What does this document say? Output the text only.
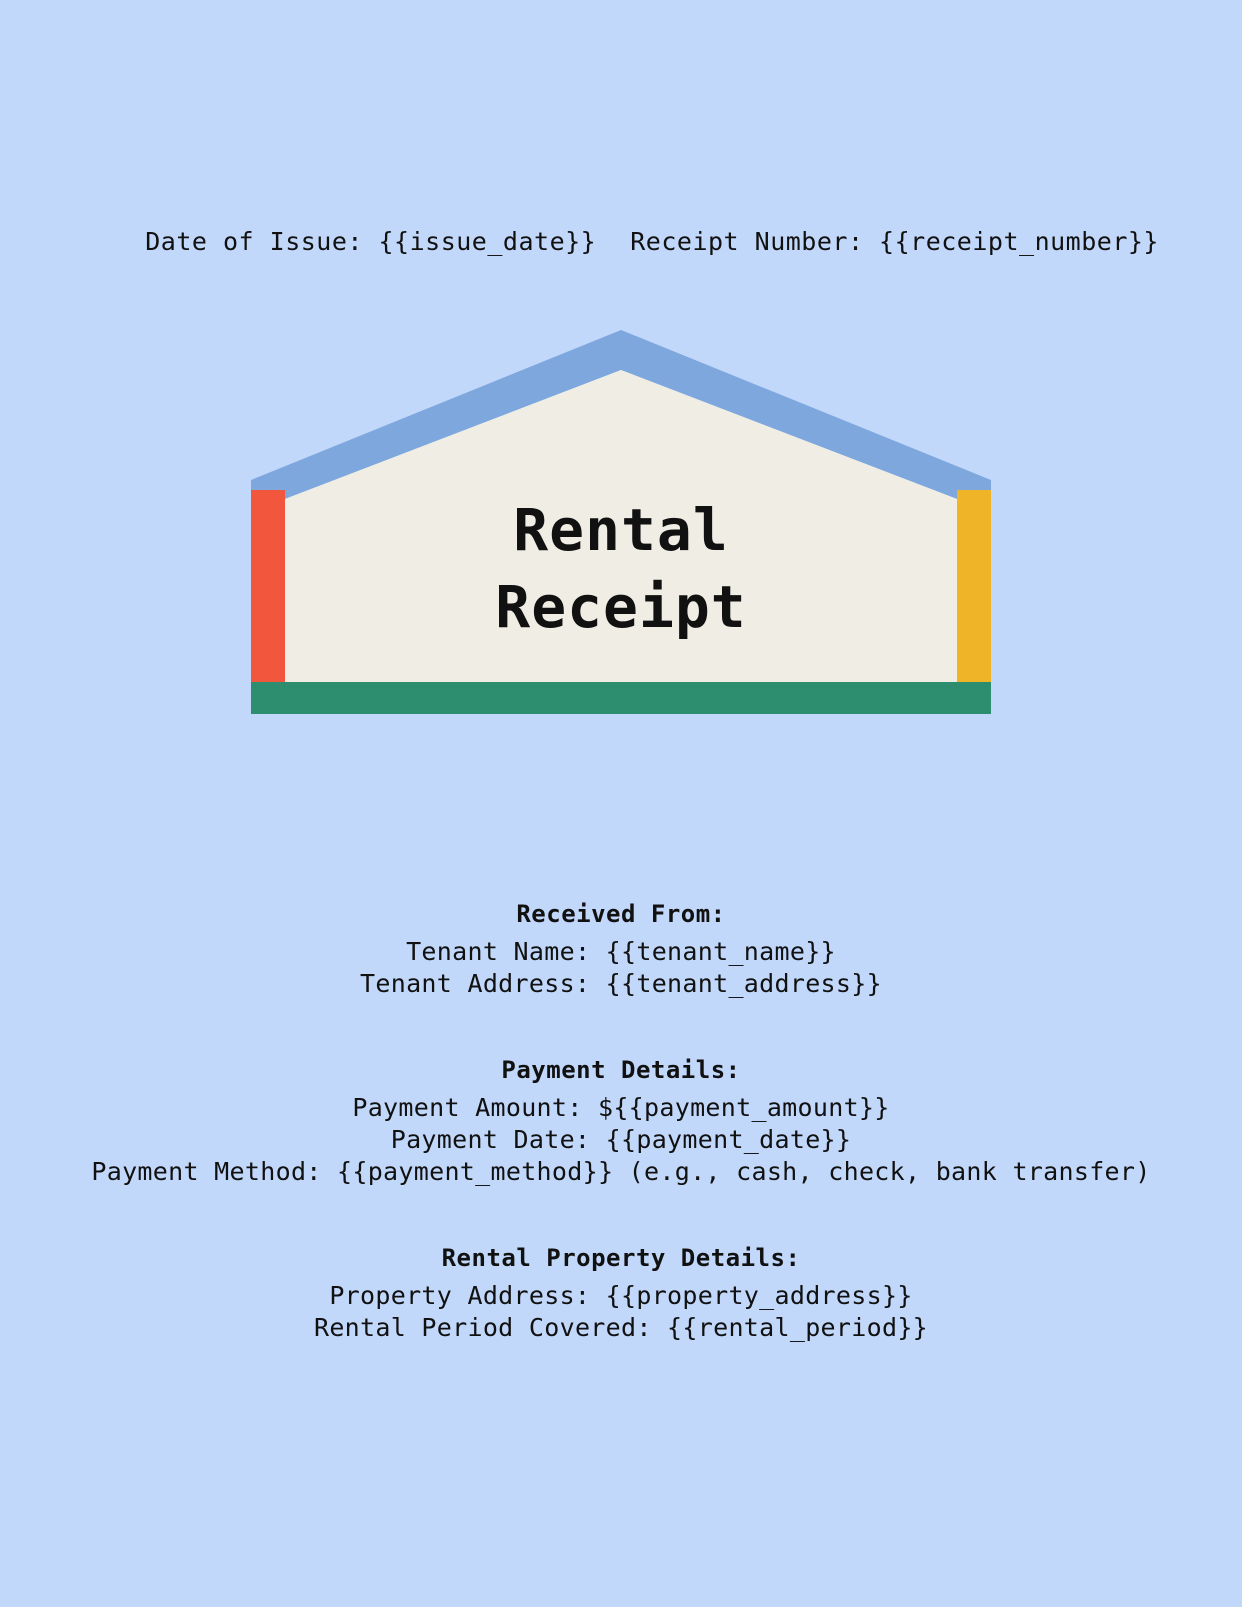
Date of Issue: {{issue_date}} Receipt Number: {{receipt_number}}

Rental
Receipt
Received From:
Tenant Name: {{tenant_name}}
Tenant Address: {{tenant_address}}
Payment Details:
Payment Amount: ${{payment_amount}}
Payment Date: {{payment_date}}
Payment Method: {{payment_method}} (e.g., cash, check, bank transfer)
Rental Property Details:
Property Address: {{property_address}}
Rental Period Covered: {{rental_period}}
